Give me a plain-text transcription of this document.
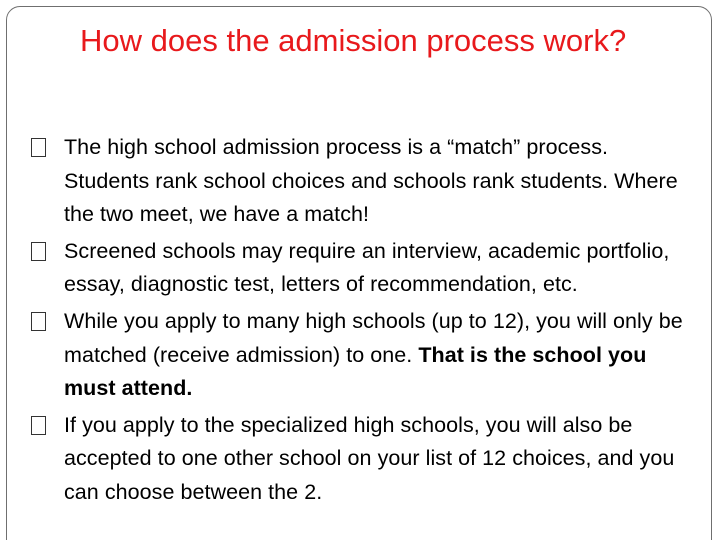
How does the admission process work?
The high school admission process is a “match” process. Students rank school choices and schools rank students. Where the two meet, we have a match!
Screened schools may require an interview, academic portfolio, essay, diagnostic test, letters of recommendation, etc.
While you apply to many high schools (up to 12), you will only be matched (receive admission) to one. That is the school you must attend.
If you apply to the specialized high schools, you will also be accepted to one other school on your list of 12 choices, and you can choose between the 2.
